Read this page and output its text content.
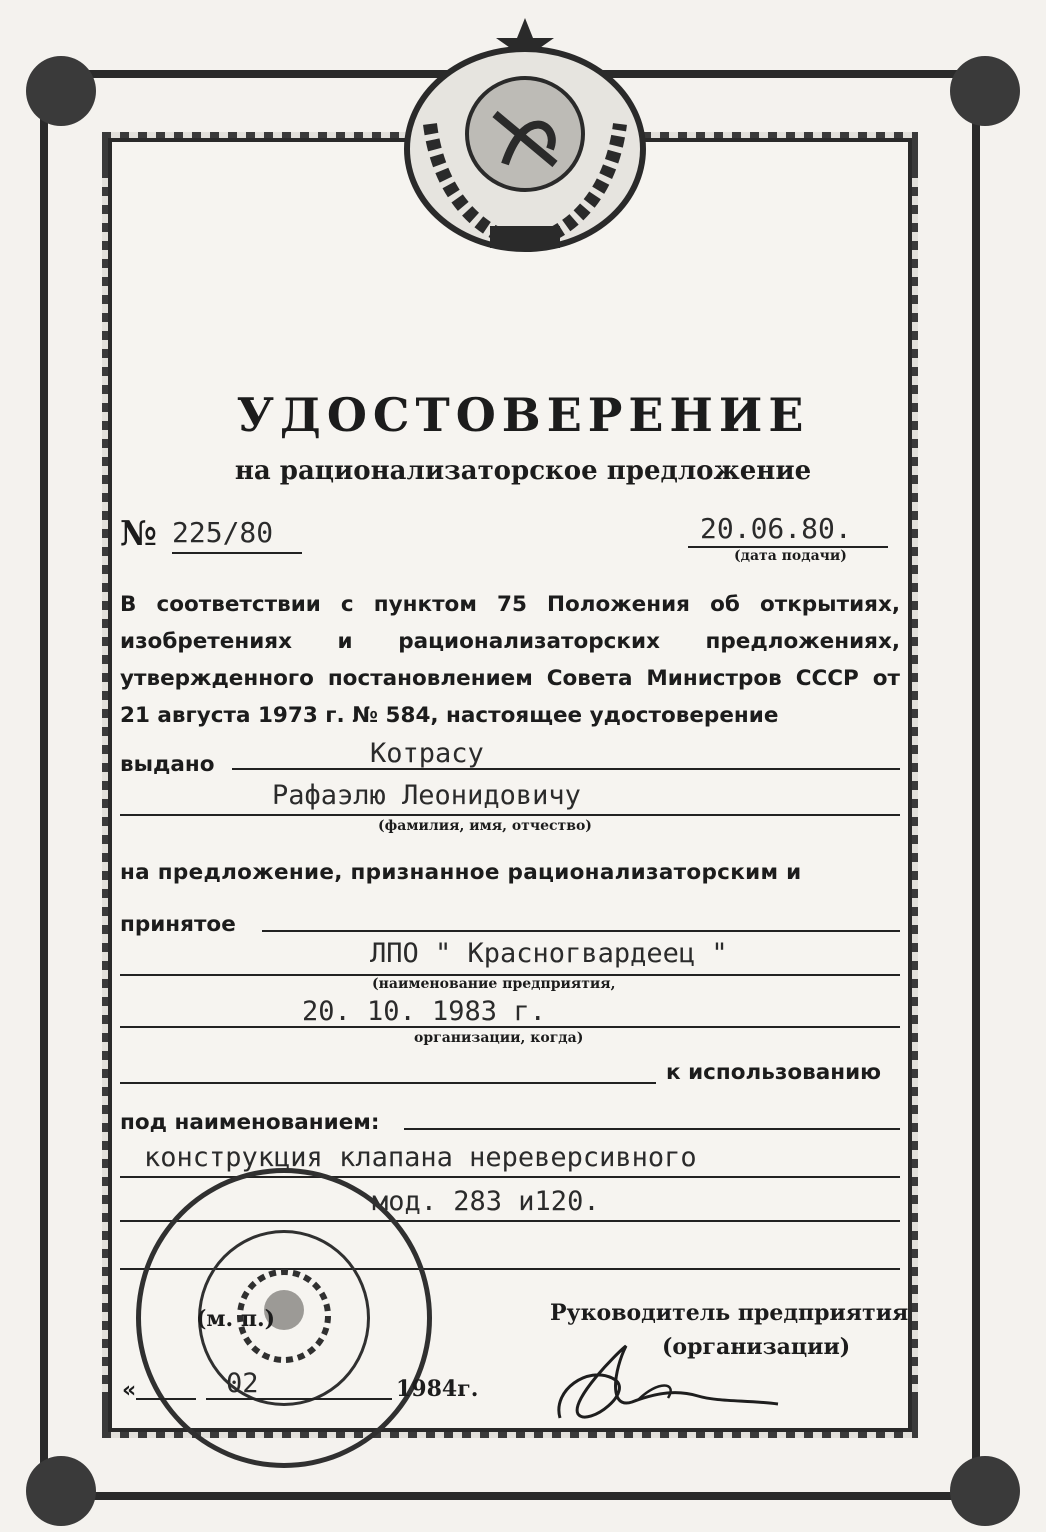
УДОСТОВЕРЕНИЕ
на рационализаторское предложение
№ 225/80	20.06.80.
(дата подачи)
В соответствии с пунктом 75 Положения об открытиях, изобретениях и рационализаторских предложениях, утвержденного постановлением Совета Министров СССР от 21 августа 1973 г. № 584, настоящее удостоверение
выдано	Котрасу
Рафаэлю Леонидовичу
(фамилия, имя, отчество)
на предложение, признанное рационализаторским и
принятое
ЛПО " Красногвардеец "
(наименование предприятия,
20. 10. 1983 г.
организации, когда)
к использованию
под наименованием:
конструкция клапана нереверсивного
мод. 283 и120.
(м. п.)	Руководитель предприятия
(организации)
«	02	1984г.
